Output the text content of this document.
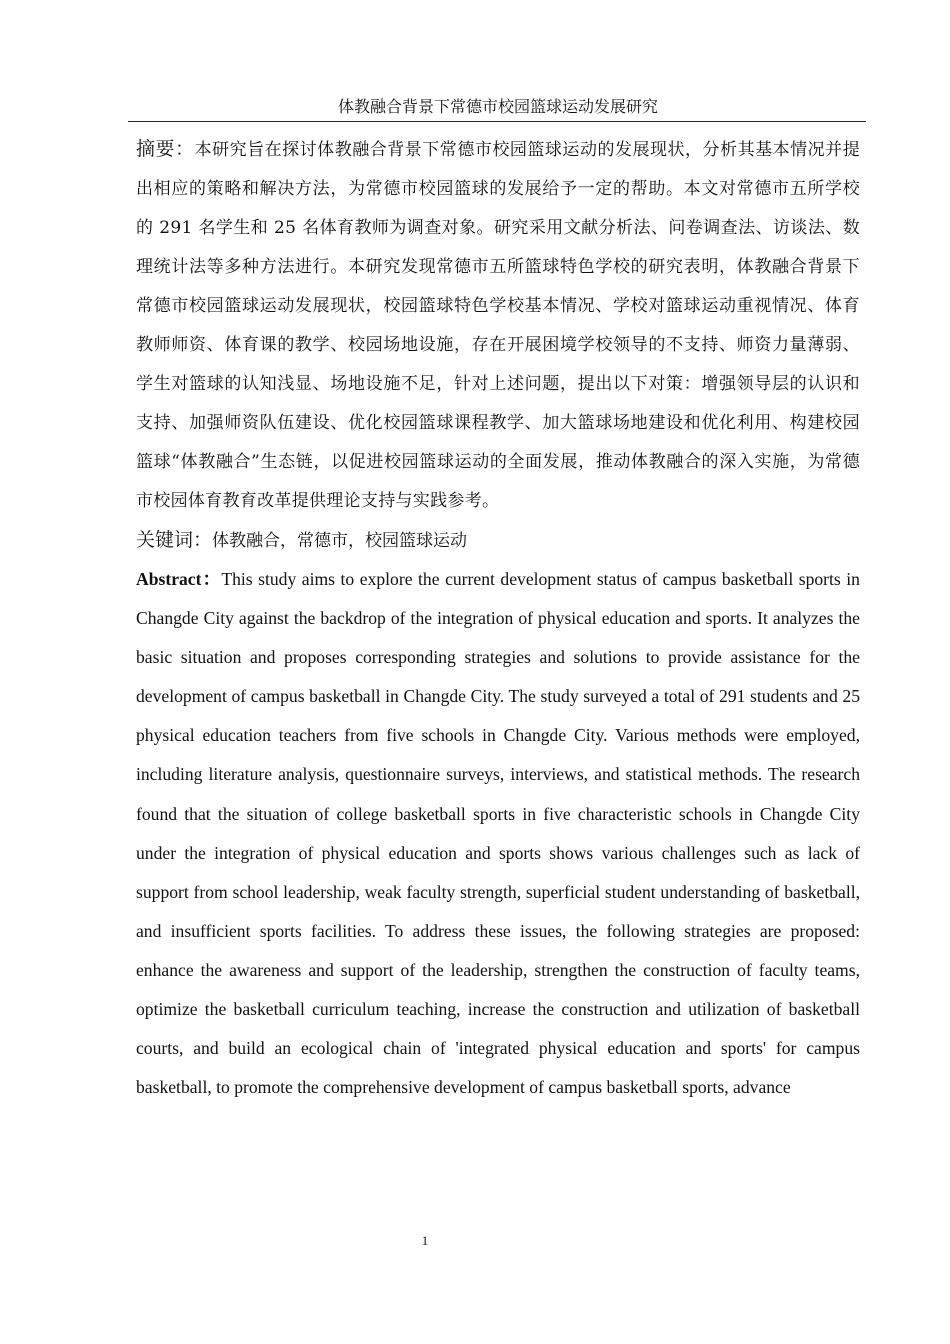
体教融合背景下常德市校园篮球运动发展研究

摘要：本研究旨在探讨体教融合背景下常德市校园篮球运动的发展现状，分析其基本情况并提出相应的策略和解决方法，为常德市校园篮球的发展给予一定的帮助。本文对常德市五所学校的 291 名学生和 25 名体育教师为调查对象。研究采用文献分析法、问卷调查法、访谈法、数理统计法等多种方法进行。本研究发现常德市五所篮球特色学校的研究表明，体教融合背景下常德市校园篮球运动发展现状，校园篮球特色学校基本情况、学校对篮球运动重视情况、体育教师师资、体育课的教学、校园场地设施，存在开展困境学校领导的不支持、师资力量薄弱、学生对篮球的认知浅显、场地设施不足，针对上述问题，提出以下对策：增强领导层的认识和支持、加强师资队伍建设、优化校园篮球课程教学、加大篮球场地建设和优化利用、构建校园篮球“体教融合”生态链，以促进校园篮球运动的全面发展，推动体教融合的深入实施，为常德市校园体育教育改革提供理论支持与实践参考。

关键词：体教融合，常德市，校园篮球运动

Abstract：This study aims to explore the current development status of campus basketball sports in Changde City against the backdrop of the integration of physical education and sports. It analyzes the basic situation and proposes corresponding strategies and solutions to provide assistance for the development of campus basketball in Changde City. The study surveyed a total of 291 students and 25 physical education teachers from five schools in Changde City. Various methods were employed, including literature analysis, questionnaire surveys, interviews, and statistical methods. The research found that the situation of college basketball sports in five characteristic schools in Changde City under the integration of physical education and sports shows various challenges such as lack of support from school leadership, weak faculty strength, superficial student understanding of basketball, and insufficient sports facilities. To address these issues, the following strategies are proposed: enhance the awareness and support of the leadership, strengthen the construction of faculty teams, optimize the basketball curriculum teaching, increase the construction and utilization of basketball courts, and build an ecological chain of 'integrated physical education and sports' for campus basketball, to promote the comprehensive development of campus basketball sports, advance

1
